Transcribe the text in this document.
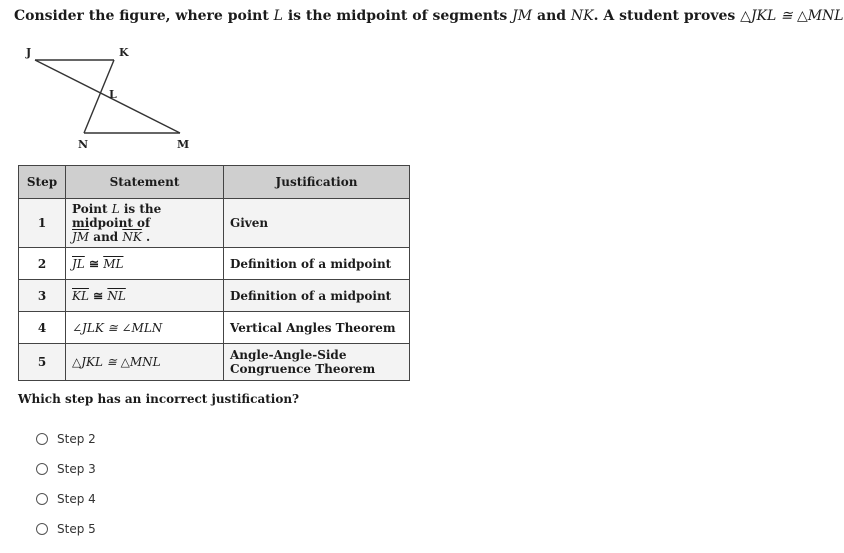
Consider the figure, where point L is the midpoint of segments JM and NK. A student proves △JKL ≅ △MNL
J	K
L
N	M
Step	Statement	Justification
1	Point L is the midpoint of
$\overline{JM}$ and $\overline{NK}$ .	Given
2	$\overline{JL}$ ≅ $\overline{ML}$	Definition of a midpoint
3	$\overline{KL}$ ≅ $\overline{NL}$	Definition of a midpoint
4	∠JLK ≅ ∠MLN	Vertical Angles Theorem
5	△JKL ≅ △MNL	Angle-Angle-Side Congruence Theorem
Which step has an incorrect justification?
Step 2
Step 3
Step 4
Step 5
